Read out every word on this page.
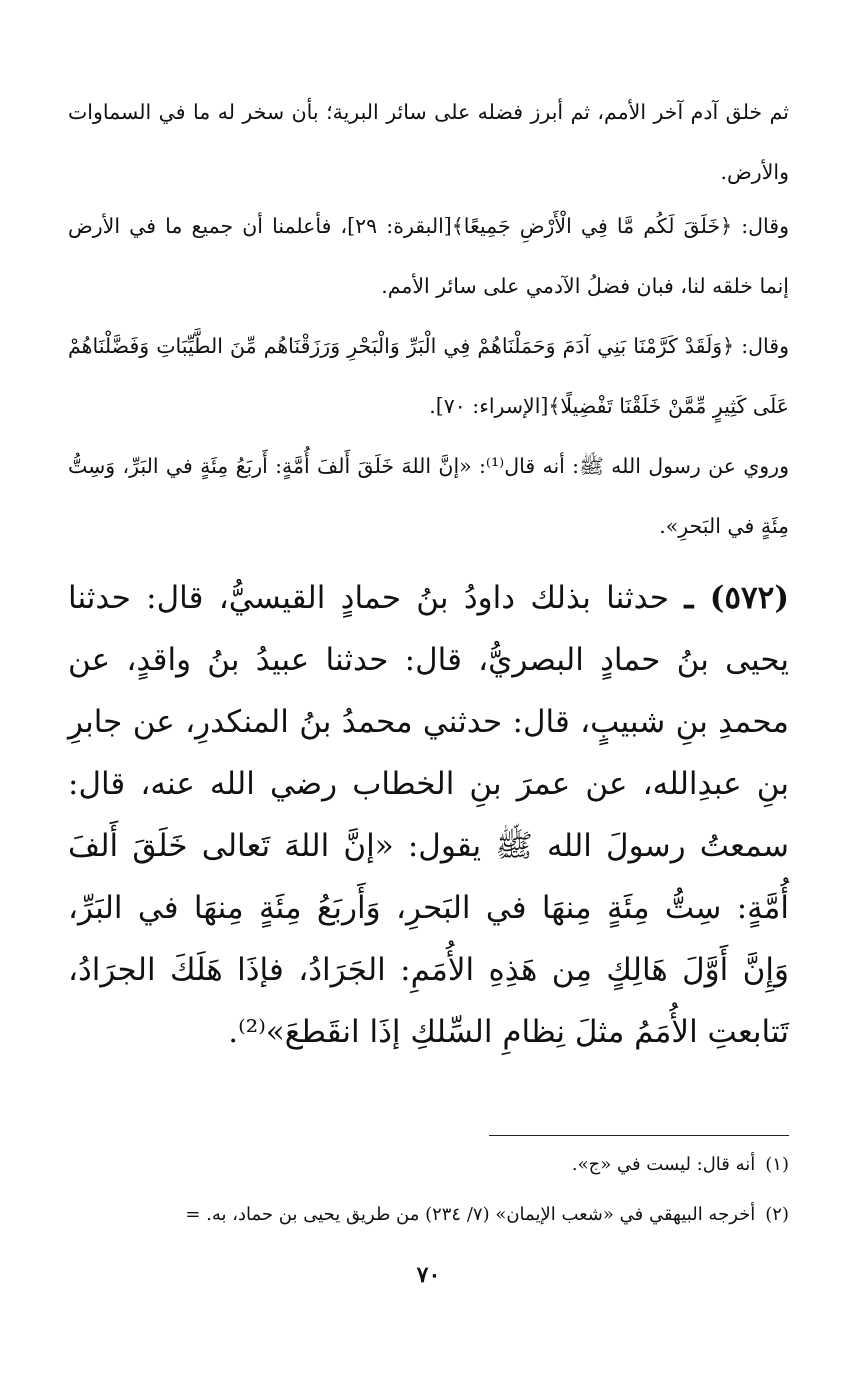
ثم خلق آدم آخر الأمم، ثم أبرز فضله على سائر البرية؛ بأن سخر له ما في السماوات والأرض.

وقال: ﴿خَلَقَ لَكُم مَّا فِي الْأَرْضِ جَمِيعًا﴾[البقرة: ٢٩]، فأعلمنا أن جميع ما في الأرض إنما خلقه لنا، فبان فضلُ الآدمي على سائر الأمم.

وقال: ﴿وَلَقَدْ كَرَّمْنَا بَنِي آدَمَ وَحَمَلْنَاهُمْ فِي الْبَرِّ وَالْبَحْرِ وَرَزَقْنَاهُم مِّنَ الطَّيِّبَاتِ وَفَضَّلْنَاهُمْ عَلَى كَثِيرٍ مِّمَّنْ خَلَقْنَا تَفْضِيلًا﴾[الإسراء: ٧٠].

وروي عن رسول الله ﷺ: أنه قال⁽¹⁾: «إنَّ اللهَ خَلَقَ أَلفَ أُمَّةٍ: أَربَعُ مِئَةٍ في البَرِّ، وَسِتُّ مِئَةٍ في البَحرِ».

(٥٧٢) ـ حدثنا بذلك داودُ بنُ حمادٍ القيسيُّ، قال: حدثنا يحيى بنُ حمادٍ البصريُّ، قال: حدثنا عبيدُ بنُ واقدٍ، عن محمدِ بنِ شبيبٍ، قال: حدثني محمدُ بنُ المنكدرِ، عن جابرِ بنِ عبدِالله، عن عمرَ بنِ الخطاب رضي الله عنه، قال: سمعتُ رسولَ الله ﷺ يقول: «إنَّ اللهَ تَعالى خَلَقَ أَلفَ أُمَّةٍ: سِتُّ مِئَةٍ مِنهَا في البَحرِ، وَأَربَعُ مِئَةٍ مِنهَا في البَرِّ، وَإِنَّ أَوَّلَ هَالِكٍ مِن هَذِهِ الأُمَمِ: الجَرَادُ، فإذَا هَلَكَ الجرَادُ، تَتابعتِ الأُمَمُ مثلَ نِظامِ السِّلكِ إذَا انقَطعَ»⁽²⁾.

(١)أنه قال: ليست في «ج».

(٢)أخرجه البيهقي في «شعب الإيمان» (٧/ ٢٣٤) من طريق يحيى بن حماد، به. =

٧٠
